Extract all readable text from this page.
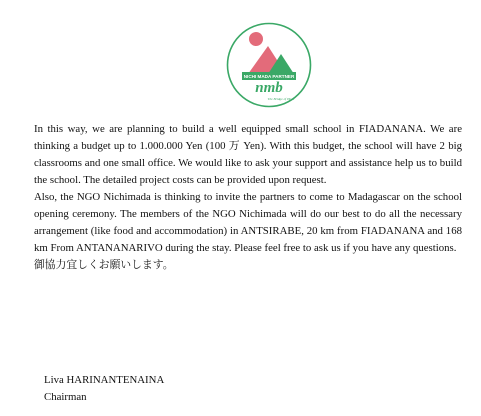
NICHI MADA PARTNER
nmb
The Bridge of Hope

In this way, we are planning to build a well equipped small school in FIADANANA. We are thinking a budget up to 1.000.000 Yen (100 万 Yen). With this budget, the school will have 2 big classrooms and one small office. We would like to ask your support and assistance help us to build the school. The detailed project costs can be provided upon request.

Also, the NGO Nichimada is thinking to invite the partners to come to Madagascar on the school opening ceremony. The members of the NGO Nichimada will do our best to do all the necessary arrangement (like food and accommodation) in ANTSIRABE, 20 km from FIADANANA and 168 km From ANTANANARIVO during the stay. Please feel free to ask us if you have any questions.

御協力宜しくお願いします。

Liva HARINANTENAINA
Chairman
